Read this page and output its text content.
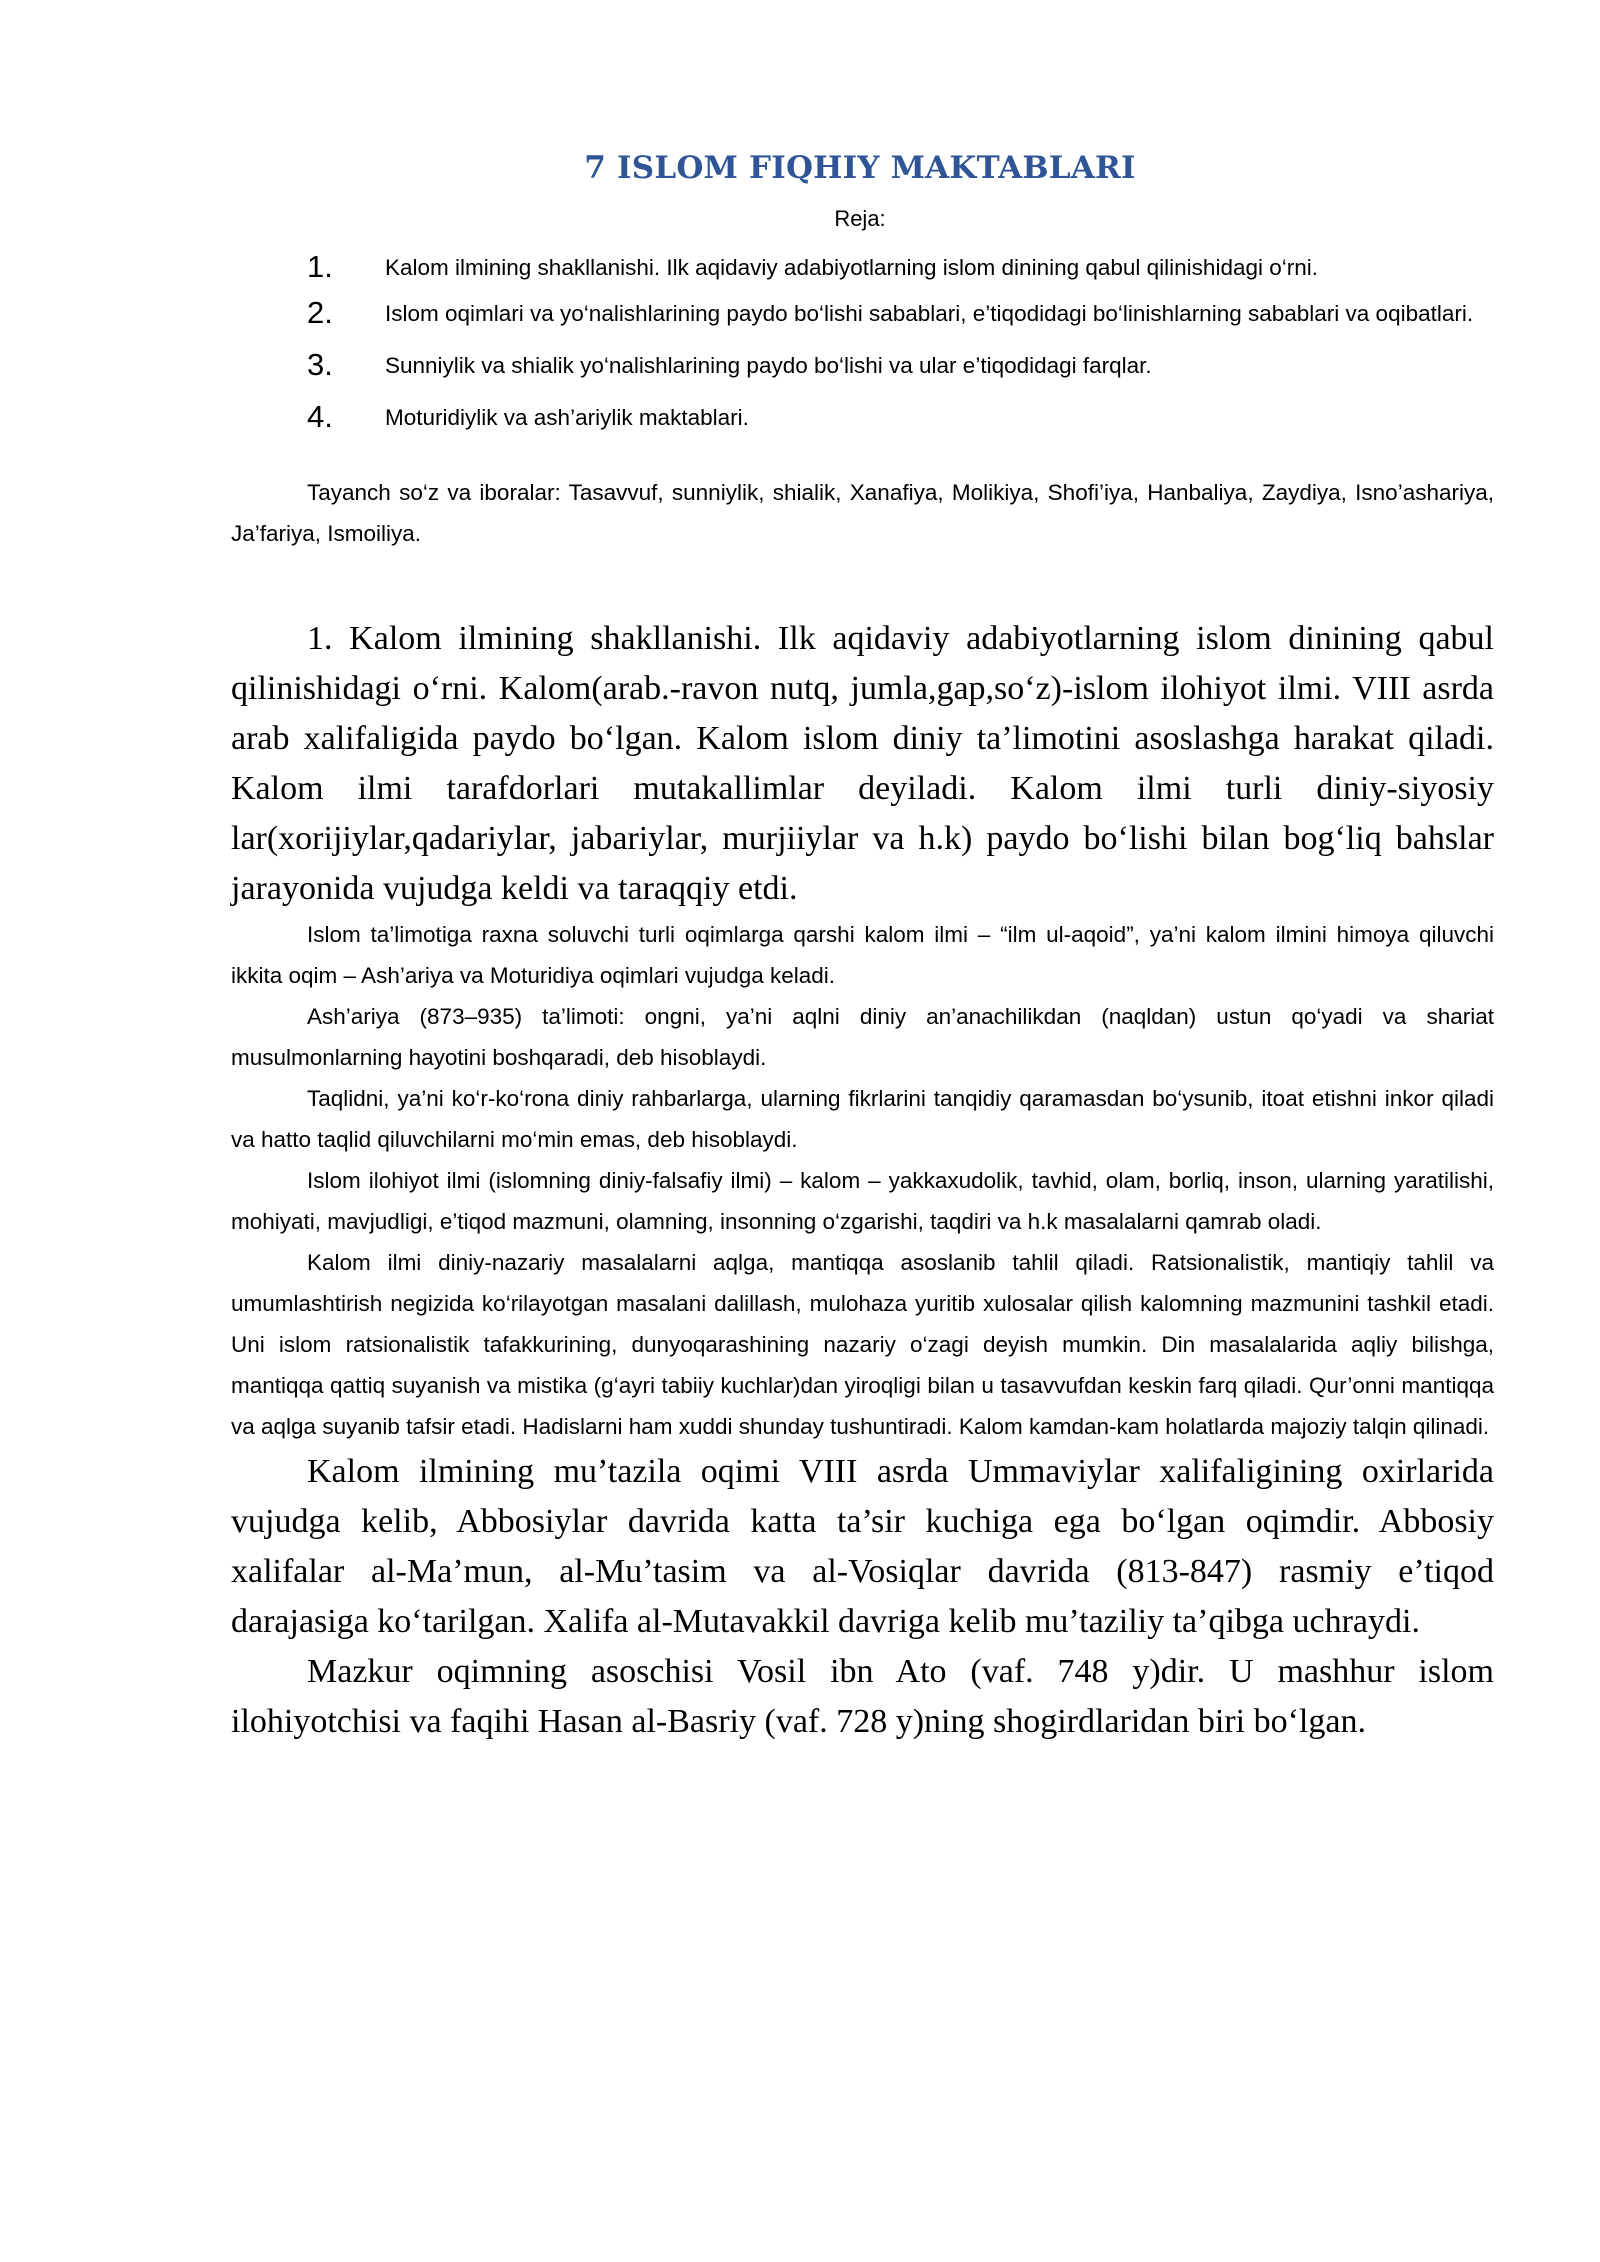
7 ISLOM FIQHIY MAKTABLARI
Reja:

1. Kalom ilmining shakllanishi. Ilk aqidaviy adabiyotlarning islom dinining qabul qilinishidagi o‘rni.

2. Islom oqimlari va yo‘nalishlarining paydo bo‘lishi sabablari, e’tiqodidagi bo‘linishlarning sabablari va oqibatlari.

3. Sunniylik va shialik yo‘nalishlarining paydo bo‘lishi va ular e’tiqodidagi farqlar.

4. Moturidiylik va ash’ariylik maktablari.

Tayanch so‘z va iboralar: Tasavvuf, sunniylik, shialik, Xanafiya, Molikiya, Shofi’iya, Hanbaliya, Zaydiya, Isno’ashariya, Ja’fariya, Ismoiliya.

1. Kalom ilmining shakllanishi. Ilk aqidaviy adabiyotlarning islom dinining qabul qilinishidagi o‘rni. Kalom(arab.-ravon nutq, jumla,gap,so‘z)-islom ilohiyot ilmi. VIII asrda arab xalifaligida paydo bo‘lgan. Kalom islom diniy ta’limotini asoslashga harakat qiladi. Kalom ilmi tarafdorlari mutakallimlar deyiladi. Kalom ilmi turli diniy-siyosiy lar(xorijiylar,qadariylar, jabariylar, murjiiylar va h.k) paydo bo‘lishi bilan bog‘liq bahslar jarayonida vujudga keldi va taraqqiy etdi.

Islom ta’limotiga raxna soluvchi turli oqimlarga qarshi kalom ilmi – “ilm ul-aqoid”, ya’ni kalom ilmini himoya qiluvchi ikkita oqim – Ash’ariya va Moturidiya oqimlari vujudga keladi.

Ash’ariya (873–935) ta’limoti: ongni, ya’ni aqlni diniy an’anachilikdan (naqldan) ustun qo‘yadi va shariat musulmonlarning hayotini boshqaradi, deb hisoblaydi.

Taqlidni, ya’ni ko‘r-ko‘rona diniy rahbarlarga, ularning fikrlarini tanqidiy qaramasdan bo‘ysunib, itoat etishni inkor qiladi va hatto taqlid qiluvchilarni mo‘min emas, deb hisoblaydi.

Islom ilohiyot ilmi (islomning diniy-falsafiy ilmi) – kalom – yakkaxudolik, tavhid, olam, borliq, inson, ularning yaratilishi, mohiyati, mavjudligi, e’tiqod mazmuni, olamning, insonning o‘zgarishi, taqdiri va h.k masalalarni qamrab oladi.

Kalom ilmi diniy-nazariy masalalarni aqlga, mantiqqa asoslanib tahlil qiladi. Ratsionalistik, mantiqiy tahlil va umumlashtirish negizida ko‘rilayotgan masalani dalillash, mulohaza yuritib xulosalar qilish kalomning mazmunini tashkil etadi. Uni islom ratsionalistik tafakkurining, dunyoqarashining nazariy o‘zagi deyish mumkin. Din masalalarida aqliy bilishga, mantiqqa qattiq suyanish va mistika (g‘ayri tabiiy kuchlar)dan yiroqligi bilan u tasavvufdan keskin farq qiladi. Qur’onni mantiqqa va aqlga suyanib tafsir etadi. Hadislarni ham xuddi shunday tushuntiradi. Kalom kamdan-kam holatlarda majoziy talqin qilinadi.

Kalom ilmining mu’tazila oqimi VIII asrda Ummaviylar xalifaligining oxirlarida vujudga kelib, Abbosiylar davrida katta ta’sir kuchiga ega bo‘lgan oqimdir. Abbosiy xalifalar al-Ma’mun, al-Mu’tasim va al-Vosiqlar davrida (813-847) rasmiy e’tiqod darajasiga ko‘tarilgan. Xalifa al-Mutavakkil davriga kelib mu’taziliy ta’qibga uchraydi.

Mazkur oqimning asoschisi Vosil ibn Ato (vaf. 748 y)dir. U mashhur islom ilohiyotchisi va faqihi Hasan al-Basriy (vaf. 728 y)ning shogirdlaridan biri bo‘lgan.
